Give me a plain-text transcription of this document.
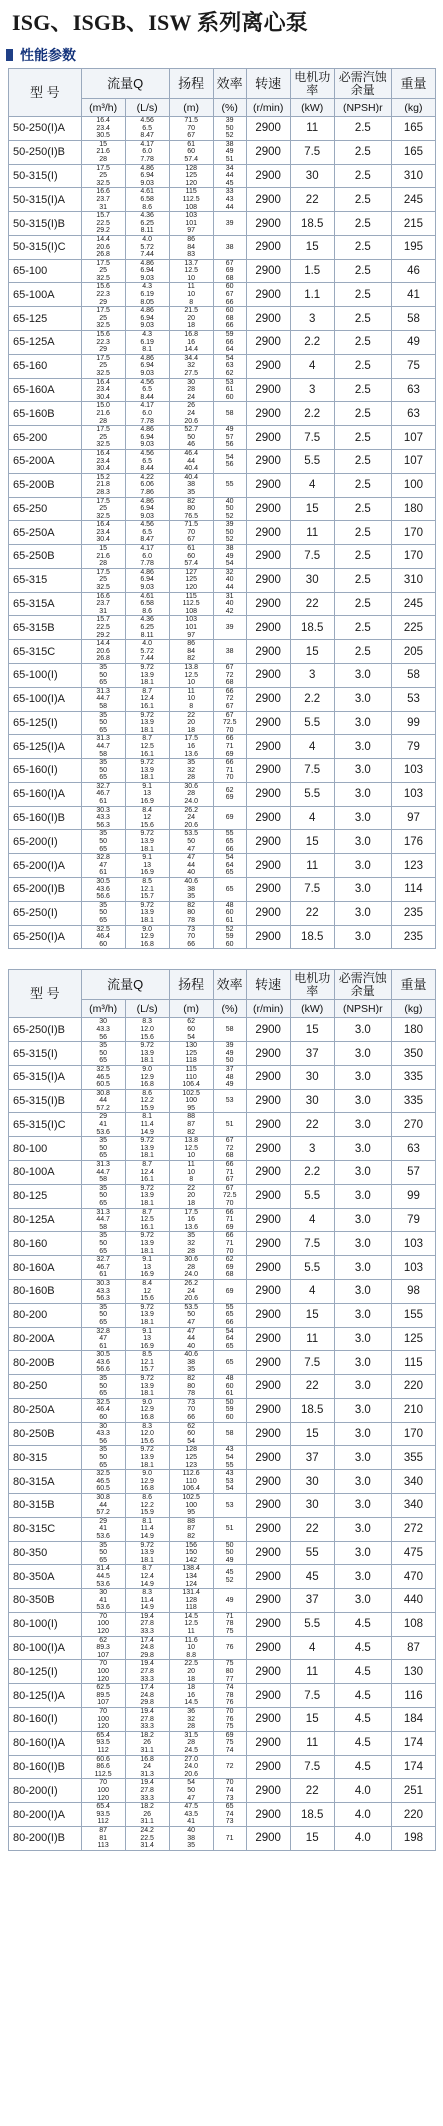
ISG、ISGB、ISW 系列离心泵
性能参数
型 号	流量Q		扬程	效率	转速	电机功率	必需汽蚀余量	重量
	(m³/h)	(L/s)	(m)	(%)	(r/min)	(kW)	(NPSH)r	(kg)
50-250(I)A	16.4
23.4
30.5	4.56
6.5
8.47	71.5
70
67	39
50
52	2900	11	2.5	165
50-250(I)B	15
21.6
28	4.17
6.0
7.78	61
60
57.4	38
49
51	2900	7.5	2.5	165
50-315(I)	17.5
25
32.5	4.86
6.94
9.03	128
125
120	34
44
45	2900	30	2.5	310
50-315(I)A	16.6
23.7
31	4.61
6.58
8.6	115
112.5
108	33
43
44	2900	22	2.5	245
50-315(I)B	15.7
22.5
29.2	4.36
6.25
8.11	103
101
97	39	2900	18.5	2.5	215
50-315(I)C	14.4
20.6
26.8	4.0
5.72
7.44	86
84
83	38	2900	15	2.5	195
65-100	17.5
25
32.5	4.86
6.94
9.03	13.7
12.5
10	67
69
68	2900	1.5	2.5	46
65-100A	15.6
22.3
29	4.3
6.19
8.05	11
10
8	60
67
66	2900	1.1	2.5	41
65-125	17.5
25
32.5	4.86
6.94
9.03	21.5
20
18	60
68
66	2900	3	2.5	58
65-125A	15.6
22.3
29	4.3
6.19
8.1	16.8
16
14.4	59
66
64	2900	2.2	2.5	49
65-160	17.5
25
32.5	4.86
6.94
9.03	34.4
32
27.5	54
63
62	2900	4	2.5	75
65-160A	16.4
23.4
30.4	4.56
6.5
8.44	30
28
24	53
61
60	2900	3	2.5	63
65-160B	15.0
21.6
28	4.17
6.0
7.78	26
24
20.6	58	2900	2.2	2.5	63
65-200	17.5
25
32.5	4.86
6.94
9.03	52.7
50
46	49
57
56	2900	7.5	2.5	107
65-200A	16.4
23.4
30.4	4.56
6.5
8.44	46.4
44
40.4	54
56	2900	5.5	2.5	107
65-200B	15.2
21.8
28.3	4.22
6.06
7.86	40.4
38
35	55	2900	4	2.5	100
65-250	17.5
25
32.5	4.86
6.94
9.03	82
80
76.5	40
50
52	2900	15	2.5	180
65-250A	16.4
23.4
30.4	4.56
6.5
8.47	71.5
70
67	39
50
52	2900	11	2.5	170
65-250B	15
21.6
28	4.17
6.0
7.78	61
60
57.4	38
49
54	2900	7.5	2.5	170
65-315	17.5
25
32.5	4.86
6.94
9.03	127
125
120	32
40
44	2900	30	2.5	310
65-315A	16.6
23.7
31	4.61
6.58
8.6	115
112.5
108	31
40
42	2900	22	2.5	245
65-315B	15.7
22.5
29.2	4.36
6.25
8.11	103
101
97	39	2900	18.5	2.5	225
65-315C	14.4
20.6
26.8	4.0
5.72
7.44	86
84
82	38	2900	15	2.5	205
65-100(I)	35
50
65	9.72
13.9
18.1	13.8
12.5
10	67
72
68	2900	3	3.0	58
65-100(I)A	31.3
44.7
58	8.7
12.4
16.1	11
10
8	66
72
67	2900	2.2	3.0	53
65-125(I)	35
50
65	9.72
13.9
18.1	22
20
18	67
72.5
70	2900	5.5	3.0	99
65-125(I)A	31.3
44.7
58	8.7
12.5
16.1	17.5
16
13.6	66
71
69	2900	4	3.0	79
65-160(I)	35
50
65	9.72
13.9
18.1	35
32
28	66
71
70	2900	7.5	3.0	103
65-160(I)A	32.7
46.7
61	9.1
13
16.9	30.6
28
24.0	62
69	2900	5.5	3.0	103
65-160(I)B	30.3
43.3
56.3	8.4
12
15.6	26.2
24
20.6	69	2900	4	3.0	97
65-200(I)	35
50
65	9.72
13.9
18.1	53.5
50
47	55
65
66	2900	15	3.0	176
65-200(I)A	32.8
47
61	9.1
13
16.9	47
44
40	54
64
65	2900	11	3.0	123
65-200(I)B	30.5
43.6
56.6	8.5
12.1
15.7	40.6
38
35	65	2900	7.5	3.0	114
65-250(I)	35
50
65	9.72
13.9
18.1	82
80
78	48
60
61	2900	22	3.0	235
65-250(I)A	32.5
46.4
60	9.0
12.9
16.8	73
70
66	52
59
60	2900	18.5	3.0	235
型 号	流量Q		扬程	效率	转速	电机功率	必需汽蚀余量	重量
	(m³/h)	(L/s)	(m)	(%)	(r/min)	(kW)	(NPSH)r	(kg)
65-250(I)B	30
43.3
56	8.3
12.0
15.6	62
60
54	58	2900	15	3.0	180
65-315(I)	35
50
65	9.72
13.9
18.1	130
125
118	39
49
50	2900	37	3.0	350
65-315(I)A	32.5
46.5
60.5	9.0
12.9
16.8	115
110
106.4	37
48
49	2900	30	3.0	335
65-315(I)B	30.8
44
57.2	8.6
12.2
15.9	102.5
100
95	53	2900	30	3.0	335
65-315(I)C	29
41
53.6	8.1
11.4
14.9	88
87
82	51	2900	22	3.0	270
80-100	35
50
65	9.72
13.9
18.1	13.8
12.5
10	67
72
68	2900	3	3.0	63
80-100A	31.3
44.7
58	8.7
12.4
16.1	11
10
8	66
71
67	2900	2.2	3.0	57
80-125	35
50
65	9.72
13.9
18.1	22
20
18	67
72.5
70	2900	5.5	3.0	99
80-125A	31.3
44.7
58	8.7
12.5
16.1	17.5
16
13.6	66
71
69	2900	4	3.0	79
80-160	35
50
65	9.72
13.9
18.1	35
32
28	66
71
70	2900	7.5	3.0	103
80-160A	32.7
46.7
61	9.1
13
16.9	30.6
28
24.0	62
69
68	2900	5.5	3.0	103
80-160B	30.3
43.3
56.3	8.4
12
15.6	26.2
24
20.6	69	2900	4	3.0	98
80-200	35
50
65	9.72
13.9
18.1	53.5
50
47	55
65
66	2900	15	3.0	155
80-200A	32.8
47
61	9.1
13
16.9	47
44
40	54
64
65	2900	11	3.0	125
80-200B	30.5
43.6
56.6	8.5
12.1
15.7	40.6
38
35	65	2900	7.5	3.0	115
80-250	35
50
65	9.72
13.9
18.1	82
80
78	48
60
61	2900	22	3.0	220
80-250A	32.5
46.4
60	9.0
12.9
16.8	73
70
66	50
59
60	2900	18.5	3.0	210
80-250B	30
43.3
56	8.3
12.0
15.6	62
60
54	58	2900	15	3.0	170
80-315	35
50
65	9.72
13.9
18.1	128
125
123	43
54
55	2900	37	3.0	355
80-315A	32.5
46.5
60.5	9.0
12.9
16.8	112.6
110
106.4	43
53
54	2900	30	3.0	340
80-315B	30.8
44
57.2	8.6
12.2
15.9	102.5
100
95	53	2900	30	3.0	340
80-315C	29
41
53.6	8.1
11.4
14.9	88
87
82	51	2900	22	3.0	272
80-350	35
50
65	9.72
13.9
18.1	156
150
142	50
50
49	2900	55	3.0	475
80-350A	31.4
44.5
53.6	8.7
12.4
14.9	138.4
134
124	45
52	2900	45	3.0	470
80-350B	30
41
53.6	8.3
11.4
14.9	131.4
128
118	49	2900	37	3.0	440
80-100(I)	70
100
120	19.4
27.8
33.3	14.5
12.5
11	71
78
75	2900	5.5	4.5	108
80-100(I)A	62
89.3
107	17.4
24.8
29.8	11.6
10
8.8	76	2900	4	4.5	87
80-125(I)	70
100
120	19.4
27.8
33.3	22.5
20
18	75
80
77	2900	11	4.5	130
80-125(I)A	62.5
89.5
107	17.4
24.8
29.8	18
16
14.5	74
78
76	2900	7.5	4.5	116
80-160(I)	70
100
120	19.4
27.8
33.3	36
32
28	70
76
75	2900	15	4.5	184
80-160(I)A	65.4
93.5
112	18.2
26
31.1	31.5
28
24.5	69
75
74	2900	11	4.5	174
80-160(I)B	60.6
86.6
112.5	16.8
24
31.3	27.0
24.0
20.6	72	2900	7.5	4.5	174
80-200(I)	70
100
120	19.4
27.8
33.3	54
50
47	70
74
73	2900	22	4.0	251
80-200(I)A	65.4
93.5
112	18.2
26
31.1	47.5
43.5
41	65
74
73	2900	18.5	4.0	220
80-200(I)B	87
81
113	24.2
22.5
31.4	40
38
35	71	2900	15	4.0	198
